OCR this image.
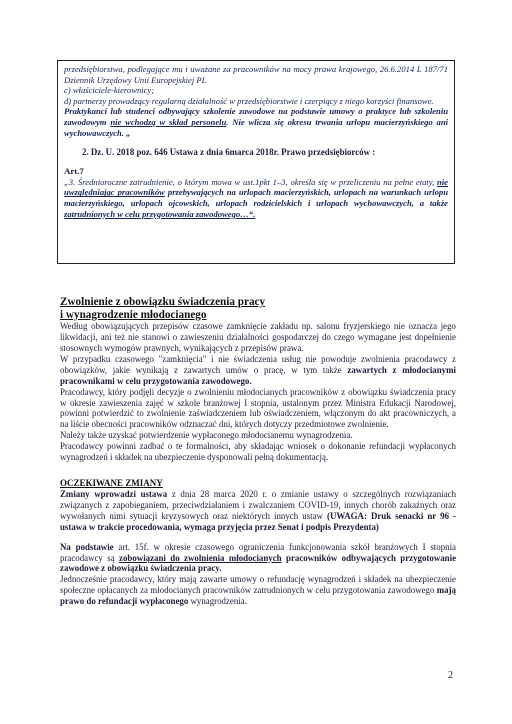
przedsiębiorstwa, podlegające mu i uważane za pracowników na mocy prawa krajowego, 26.6.2014 L 187/71 Dziennik Urzędowy Unii Europejskiej PL

c) właściciele-kierownicy;

d) partnerzy prowadzący regularną działalność w przedsiębiorstwie i czerpiący z niego korzyści finansowe.

Praktykanci lub studenci odbywający szkolenie zawodowe na podstawie umowy o praktyce lub szkoleniu zawodowym nie wchodzą w skład personelu. Nie wlicza się okresu trwania urlopu macierzyńskiego ani wychowawczych. „

2. Dz. U. 2018 poz. 646 Ustawa z dnia 6marca 2018r. Prawo przedsiębiorców :

Art.7

„3. Średnioroczne zatrudnienie, o którym mowa w ust.1pkt 1–3, określa się w przeliczeniu na pełne etaty, nie uwzględniając pracowników przebywających na urlopach macierzyńskich, urlopach na warunkach urlopu macierzyńskiego, urlopach ojcowskich, urlopach rodzicielskich i urlopach wychowawczych, a także zatrudnionych w celu przygotowania zawodowego…“.

Zwolnienie z obowiązku świadczenia pracy

i wynagrodzenie młodocianego

Według obowiązujących przepisów czasowe zamknięcie zakładu np. salonu fryzjerskiego nie oznacza jego likwidacji, ani też nie stanowi o zawieszeniu działalności gospodarczej do czego wymagane jest dopełnienie stosownych wymogów prawnych, wynikających z przepisów prawa.

W przypadku czasowego "zamknięcia" i nie świadczenia usług nie powoduje zwolnienia pracodawcy z obowiązków, jakie wynikają z zawartych umów o pracę, w tym także zawartych z młodocianymi pracownikami w celu przygotowania zawodowego.

Pracodawcy, który podjęli decyzje o zwolnieniu młodocianych pracowników z obowiązku świadczenia pracy w okresie zawieszenia zajęć w szkole branżowej I stopnia, ustalonym przez Ministra Edukacji Narodowej, powinni potwierdzić to zwolnienie zaświadczeniem lub oświadczeniem, włączonym do akt pracowniczych, a na liście obecności pracowników odznaczać dni, których dotyczy przedmiotowe zwolnienie.

Należy także uzyskać potwierdzenie wypłaconego młodocianemu wynagrodzenia.

Pracodawcy powinni zadbać o te formalności, aby składając wniosek o dokonanie refundacji wypłaconych wynagrodzeń i składek na ubezpieczenie dysponowali pełną dokumentacją.

OCZEKIWANE ZMIANY

Zmiany wprowadzi ustawa z dnia 28 marca 2020 r. o zmianie ustawy o szczególnych rozwiązaniach związanych z zapobieganiem, przeciwdziałaniem i zwalczaniem COVID-19, innych chorób zakaźnych oraz wywołanych nimi sytuacji kryzysowych oraz niektórych innych ustaw (UWAGA: Druk senacki nr 96 - ustawa w trakcie procedowania, wymaga przyjęcia przez Senat i podpis Prezydenta)

Na podstawie art. 15f. w okresie czasowego ograniczenia funkcjonowania szkół branżowych I stopnia pracodawcy są zobowiązani do zwolnienia młodocianych pracowników odbywających przygotowanie zawodowe z obowiązku świadczenia pracy.

Jednocześnie pracodawcy, który mają zawarte umowy o refundację wynagrodzeń i składek na ubezpieczenie społeczne opłacanych za młodocianych pracowników zatrudnionych w celu przygotowania zawodowego mają prawo do refundacji wypłaconego wynagrodzenia.

2
